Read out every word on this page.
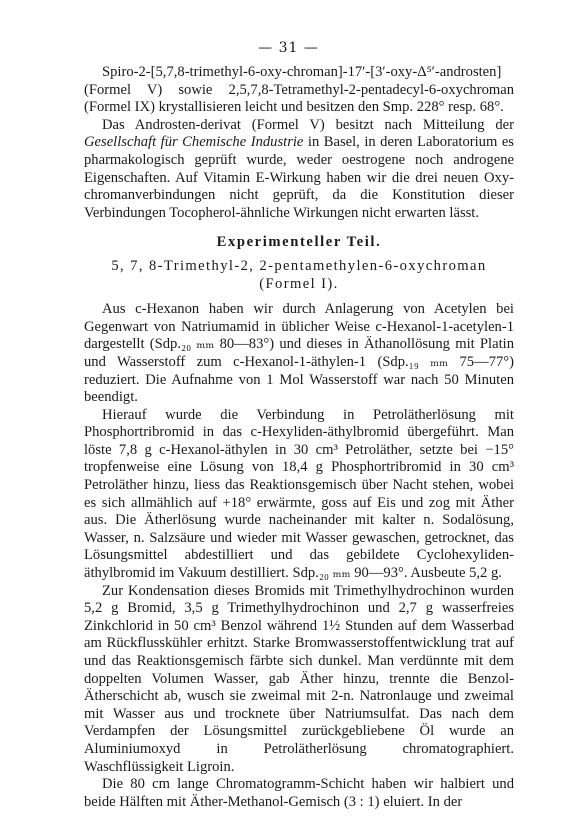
— 31 —

Spiro-2-[5,7,8-trimethyl-6-oxy-chroman]-17′-[3′-oxy-Δ⁵′-androsten] (Formel V) sowie 2,5,7,8-Tetramethyl-2-pentadecyl-6-oxychroman (Formel IX) krystallisieren leicht und besitzen den Smp. 228° resp. 68°.

Das Androsten-derivat (Formel V) besitzt nach Mitteilung der Gesellschaft für Chemische Industrie in Basel, in deren Laboratorium es pharmakologisch geprüft wurde, weder oestrogene noch androgene Eigenschaften. Auf Vitamin E-Wirkung haben wir die drei neuen Oxy-chromanverbindungen nicht geprüft, da die Konstitution dieser Verbindungen Tocopherol-ähnliche Wirkungen nicht erwarten lässt.

Experimenteller Teil.
5, 7, 8-Trimethyl-2, 2-pentamethylen-6-oxychroman
(Formel I).

Aus c-Hexanon haben wir durch Anlagerung von Acetylen bei Gegenwart von Natriumamid in üblicher Weise c-Hexanol-1-acetylen-1 dargestellt (Sdp.₂₀ ₘₘ 80—83°) und dieses in Äthanollösung mit Platin und Wasserstoff zum c-Hexanol-1-äthylen-1 (Sdp.₁₉ ₘₘ 75—77°) reduziert. Die Aufnahme von 1 Mol Wasserstoff war nach 50 Minuten beendigt.

Hierauf wurde die Verbindung in Petrolätherlösung mit Phosphortribromid in das c-Hexyliden-äthylbromid übergeführt. Man löste 7,8 g c-Hexanol-äthylen in 30 cm³ Petroläther, setzte bei −15° tropfenweise eine Lösung von 18,4 g Phosphortribromid in 30 cm³ Petroläther hinzu, liess das Reaktionsgemisch über Nacht stehen, wobei es sich allmählich auf +18° erwärmte, goss auf Eis und zog mit Äther aus. Die Ätherlösung wurde nacheinander mit kalter n. Sodalösung, Wasser, n. Salzsäure und wieder mit Wasser gewaschen, getrocknet, das Lösungsmittel abdestilliert und das gebildete Cyclohexyliden-äthylbromid im Vakuum destilliert. Sdp.₂₀ ₘₘ 90—93°. Ausbeute 5,2 g.

Zur Kondensation dieses Bromids mit Trimethylhydrochinon wurden 5,2 g Bromid, 3,5 g Trimethylhydrochinon und 2,7 g wasserfreies Zinkchlorid in 50 cm³ Benzol während 1½ Stunden auf dem Wasserbad am Rückflusskühler erhitzt. Starke Bromwasserstoffentwicklung trat auf und das Reaktionsgemisch färbte sich dunkel. Man verdünnte mit dem doppelten Volumen Wasser, gab Äther hinzu, trennte die Benzol-Ätherschicht ab, wusch sie zweimal mit 2-n. Natronlauge und zweimal mit Wasser aus und trocknete über Natriumsulfat. Das nach dem Verdampfen der Lösungsmittel zurückgebliebene Öl wurde an Aluminiumoxyd in Petrolätherlösung chromatographiert. Waschflüssigkeit Ligroin.

Die 80 cm lange Chromatogramm-Schicht haben wir halbiert und beide Hälften mit Äther-Methanol-Gemisch (3 : 1) eluiert. In der
